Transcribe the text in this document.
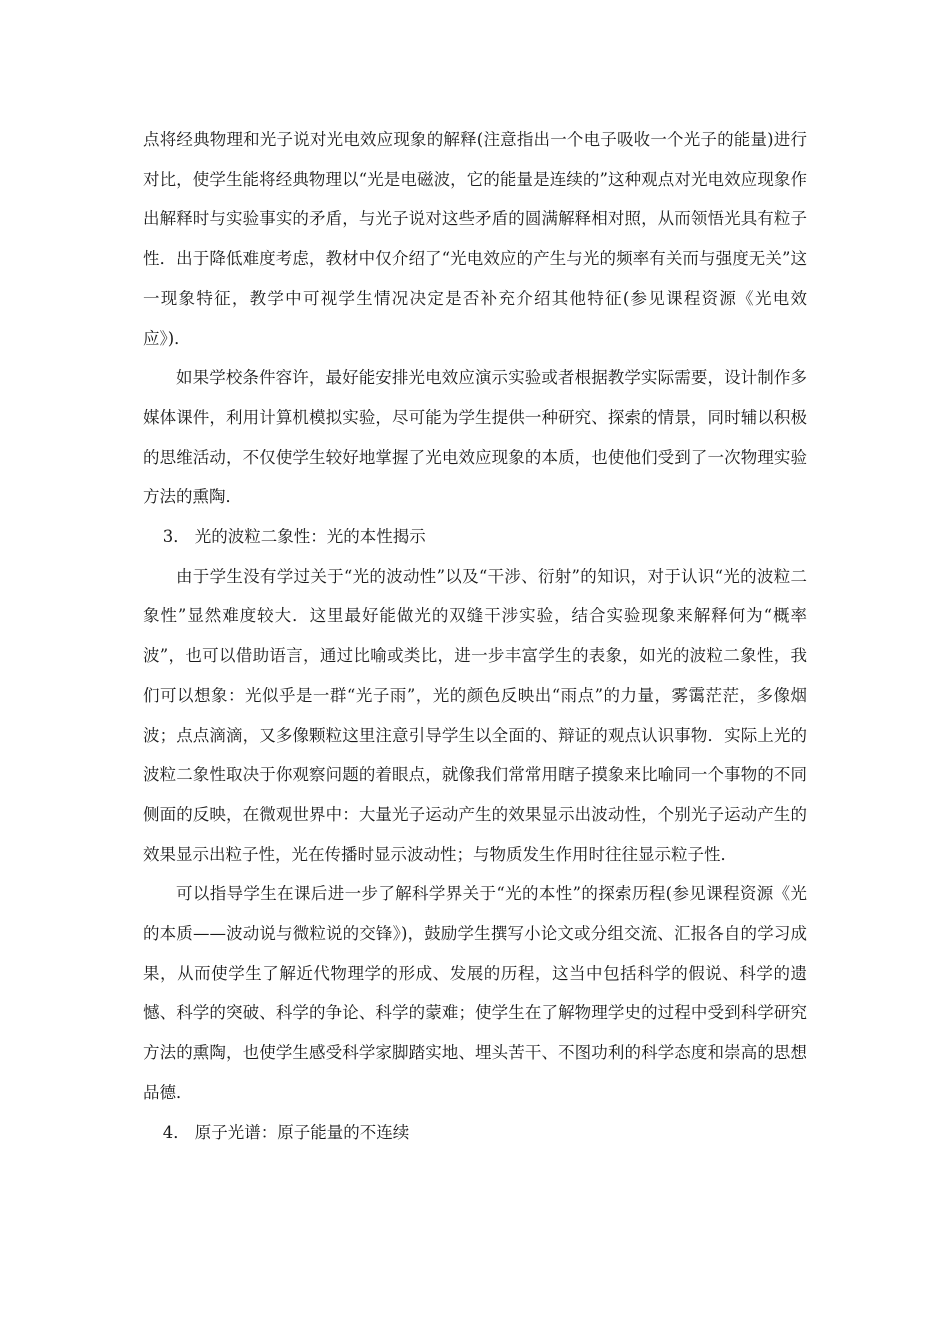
点将经典物理和光子说对光电效应现象的解释(注意指出一个电子吸收一个光子的能量)进行对比，使学生能将经典物理以“光是电磁波，它的能量是连续的”这种观点对光电效应现象作出解释时与实验事实的矛盾，与光子说对这些矛盾的圆满解释相对照，从而领悟光具有粒子性．出于降低难度考虑，教材中仅介绍了“光电效应的产生与光的频率有关而与强度无关”这一现象特征，教学中可视学生情况决定是否补充介绍其他特征(参见课程资源《光电效应》)．

如果学校条件容许，最好能安排光电效应演示实验或者根据教学实际需要，设计制作多媒体课件，利用计算机模拟实验，尽可能为学生提供一种研究、探索的情景，同时辅以积极的思维活动，不仅使学生较好地掌握了光电效应现象的本质，也使他们受到了一次物理实验方法的熏陶．

3． 光的波粒二象性：光的本性揭示

由于学生没有学过关于“光的波动性”以及“干涉、衍射”的知识，对于认识“光的波粒二象性”显然难度较大．这里最好能做光的双缝干涉实验，结合实验现象来解释何为“概率波”，也可以借助语言，通过比喻或类比，进一步丰富学生的表象，如光的波粒二象性，我们可以想象：光似乎是一群“光子雨”，光的颜色反映出“雨点”的力量，雾霭茫茫，多像烟波；点点滴滴，又多像颗粒这里注意引导学生以全面的、辩证的观点认识事物．实际上光的波粒二象性取决于你观察问题的着眼点，就像我们常常用瞎子摸象来比喻同一个事物的不同侧面的反映，在微观世界中：大量光子运动产生的效果显示出波动性，个别光子运动产生的效果显示出粒子性，光在传播时显示波动性；与物质发生作用时往往显示粒子性．

可以指导学生在课后进一步了解科学界关于“光的本性”的探索历程(参见课程资源《光的本质——波动说与微粒说的交锋》)，鼓励学生撰写小论文或分组交流、汇报各自的学习成果，从而使学生了解近代物理学的形成、发展的历程，这当中包括科学的假说、科学的遗憾、科学的突破、科学的争论、科学的蒙难；使学生在了解物理学史的过程中受到科学研究方法的熏陶，也使学生感受科学家脚踏实地、埋头苦干、不图功利的科学态度和崇高的思想品德．

4． 原子光谱：原子能量的不连续
